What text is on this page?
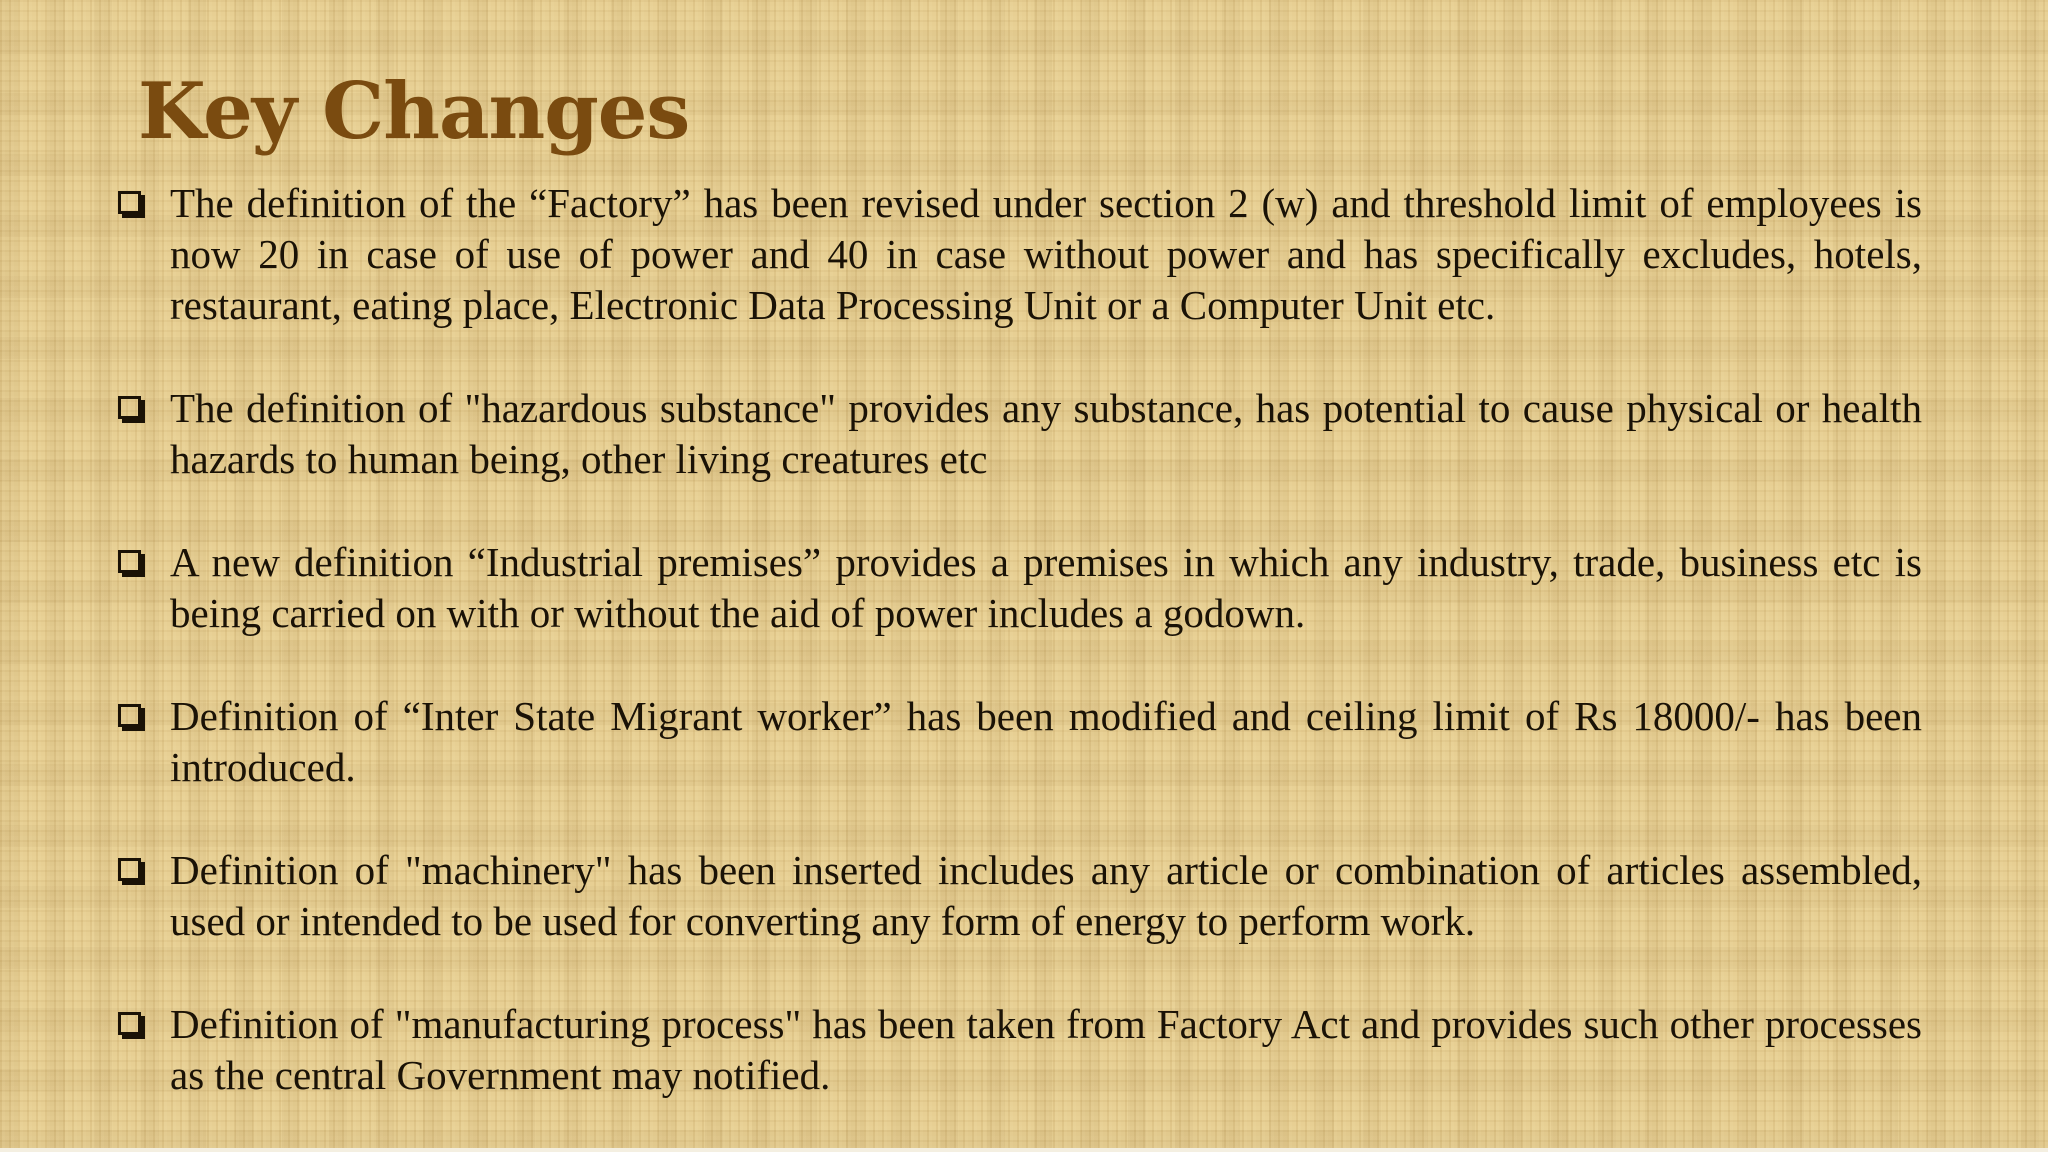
Key Changes
The definition of the “Factory” has been revised under section 2 (w) and threshold limit of employees is now 20 in case of use of power and 40 in case without power and has specifically excludes, hotels, restaurant, eating place, Electronic Data Processing Unit or a Computer Unit etc.
The definition of "hazardous substance" provides any substance, has potential to cause physical or health hazards to human being, other living creatures etc
A new definition “Industrial premises” provides a premises in which any industry, trade, business etc is being carried on with or without the aid of power includes a godown.
Definition of “Inter State Migrant worker” has been modified and ceiling limit of Rs 18000/- has been introduced.
Definition of "machinery" has been inserted includes any article or combination of articles assembled, used or intended to be used for converting any form of energy to perform work.
Definition of "manufacturing process" has been taken from Factory Act and provides such other processes as the central Government may notified.
